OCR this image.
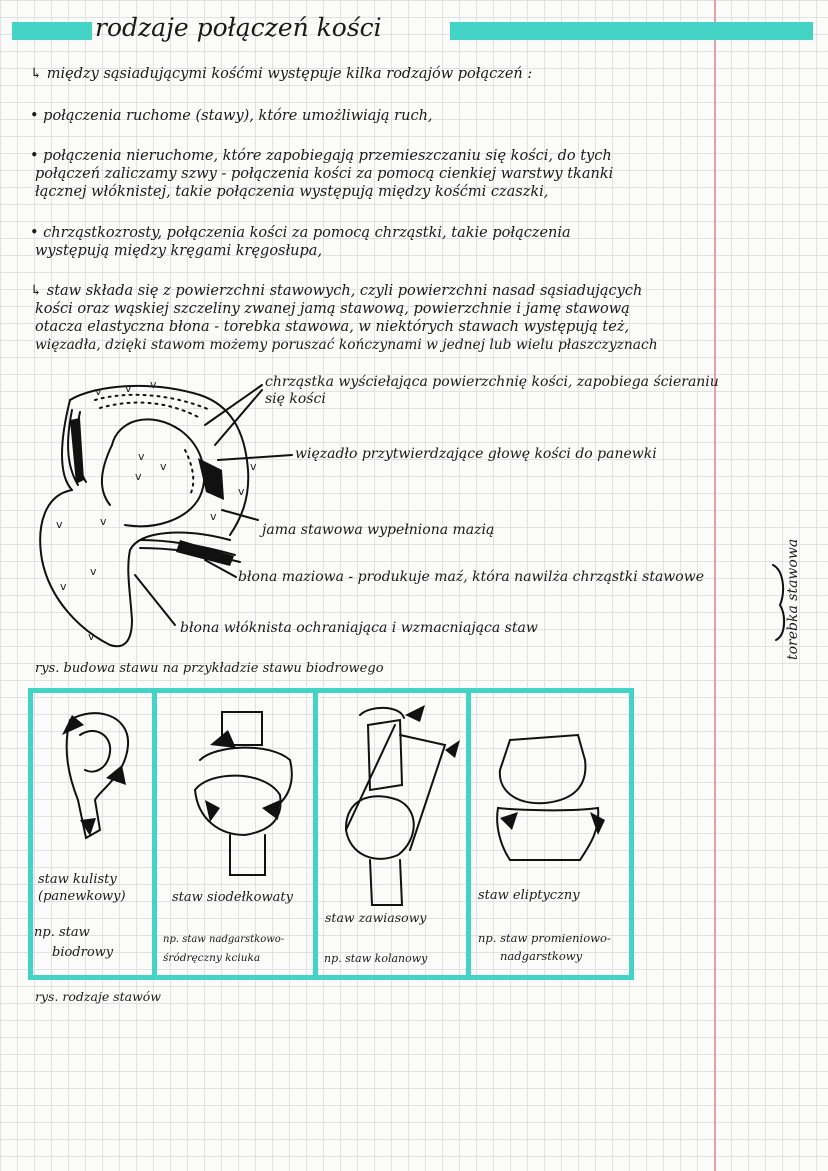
rodzaje połączeń kości
↳ między sąsiadującymi kośćmi występuje kilka rodzajów połączeń :
• połączenia ruchome (stawy), które umożliwiają ruch,
• połączenia nieruchome, które zapobiegają przemieszczaniu się kości, do tych
połączeń zaliczamy szwy - połączenia kości za pomocą cienkiej warstwy tkanki
łącznej włóknistej, takie połączenia występują między kośćmi czaszki,
• chrząstkozrosty, połączenia kości za pomocą chrząstki, takie połączenia
występują między kręgami kręgosłupa,
↳ staw składa się z powierzchni stawowych, czyli powierzchni nasad sąsiadujących
kości oraz wąskiej szczeliny zwanej jamą stawową, powierzchnie i jamę stawową
otacza elastyczna błona - torebka stawowa, w niektórych stawach występują też,
więzadła, dzięki stawom możemy poruszać kończynami w jednej lub wielu płaszczyznach
v v v
v
v
v
v
v
v
v	v
v
v
v
chrząstka wyściełająca powierzchnię kości, zapobiega ścieraniu
się kości
więzadło przytwierdzające głowę kości do panewki
jama stawowa wypełniona mazią
błona maziowa - produkuje maź, która nawilża chrząstki stawowe
błona włóknista ochraniająca i wzmacniająca staw	torebka stawowa
rys. budowa stawu na przykładzie stawu biodrowego
staw kulisty
(panewkowy)
np. staw
biodrowy
staw siodełkowaty
np. staw nadgarstkowo-
śródręczny kciuka
staw zawiasowy
np. staw kolanowy
staw eliptyczny
np. staw promieniowo-
nadgarstkowy
rys. rodzaje stawów
